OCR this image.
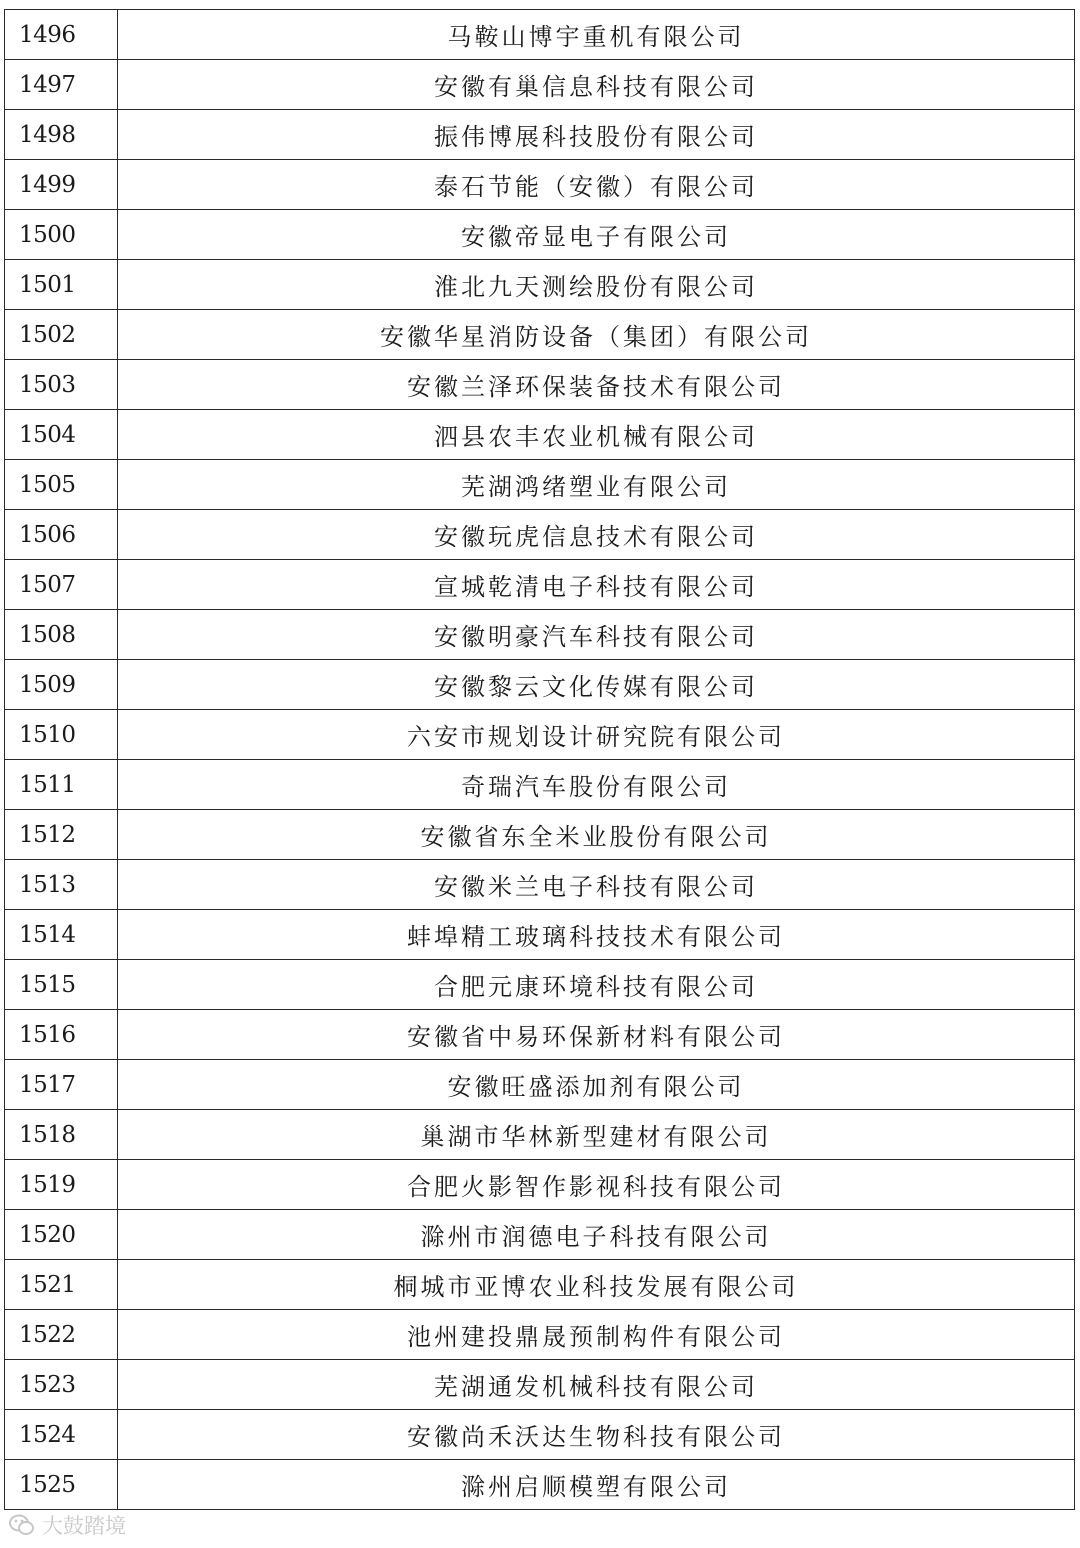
1496	马鞍山博宇重机有限公司
1497	安徽有巢信息科技有限公司
1498	振伟博展科技股份有限公司
1499	泰石节能（安徽）有限公司
1500	安徽帝显电子有限公司
1501	淮北九天测绘股份有限公司
1502	安徽华星消防设备（集团）有限公司
1503	安徽兰泽环保装备技术有限公司
1504	泗县农丰农业机械有限公司
1505	芜湖鸿绪塑业有限公司
1506	安徽玩虎信息技术有限公司
1507	宣城乾清电子科技有限公司
1508	安徽明豪汽车科技有限公司
1509	安徽黎云文化传媒有限公司
1510	六安市规划设计研究院有限公司
1511	奇瑞汽车股份有限公司
1512	安徽省东全米业股份有限公司
1513	安徽米兰电子科技有限公司
1514	蚌埠精工玻璃科技技术有限公司
1515	合肥元康环境科技有限公司
1516	安徽省中易环保新材料有限公司
1517	安徽旺盛添加剂有限公司
1518	巢湖市华林新型建材有限公司
1519	合肥火影智作影视科技有限公司
1520	滁州市润德电子科技有限公司
1521	桐城市亚博农业科技发展有限公司
1522	池州建投鼎晟预制构件有限公司
1523	芜湖通发机械科技有限公司
1524	安徽尚禾沃达生物科技有限公司
1525	滁州启顺模塑有限公司
大鼓踏境
